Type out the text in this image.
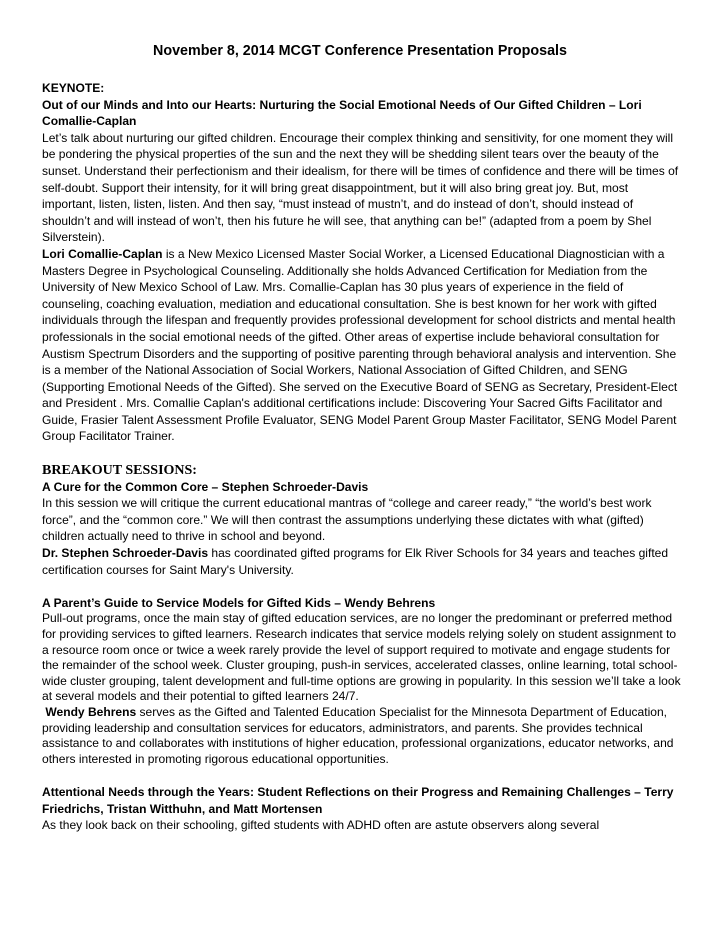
November 8, 2014 MCGT Conference Presentation Proposals

KEYNOTE:

Out of our Minds and Into our Hearts: Nurturing the Social Emotional Needs of Our Gifted Children – Lori Comallie-Caplan

Let’s talk about nurturing our gifted children. Encourage their complex thinking and sensitivity, for one moment they will be pondering the physical properties of the sun and the next they will be shedding silent tears over the beauty of the sunset. Understand their perfectionism and their idealism, for there will be times of confidence and there will be times of self-doubt. Support their intensity, for it will bring great disappointment, but it will also bring great joy. But, most important, listen, listen, listen. And then say, “must instead of mustn’t, and do instead of don’t, should instead of shouldn’t and will instead of won’t, then his future he will see, that anything can be!” (adapted from a poem by Shel Silverstein).

Lori Comallie-Caplan is a New Mexico Licensed Master Social Worker, a Licensed Educational Diagnostician with a Masters Degree in Psychological Counseling. Additionally she holds Advanced Certification for Mediation from the University of New Mexico School of Law. Mrs. Comallie-Caplan has 30 plus years of experience in the field of counseling, coaching evaluation, mediation and educational consultation. She is best known for her work with gifted individuals through the lifespan and frequently provides professional development for school districts and mental health professionals in the social emotional needs of the gifted. Other areas of expertise include behavioral consultation for Austism Spectrum Disorders and the supporting of positive parenting through behavioral analysis and intervention. She is a member of the National Association of Social Workers, National Association of Gifted Children, and SENG (Supporting Emotional Needs of the Gifted). She served on the Executive Board of SENG as Secretary, President-Elect and President . Mrs. Comallie Caplan's additional certifications include: Discovering Your Sacred Gifts Facilitator and Guide, Frasier Talent Assessment Profile Evaluator, SENG Model Parent Group Master Facilitator, SENG Model Parent Group Facilitator Trainer.

BREAKOUT SESSIONS:

A Cure for the Common Core – Stephen Schroeder-Davis

In this session we will critique the current educational mantras of “college and career ready,” “the world’s best work force”, and the “common core.” We will then contrast the assumptions underlying these dictates with what (gifted) children actually need to thrive in school and beyond.

Dr. Stephen Schroeder-Davis has coordinated gifted programs for Elk River Schools for 34 years and teaches gifted certification courses for Saint Mary's University.

A Parent’s Guide to Service Models for Gifted Kids – Wendy Behrens

Pull-out programs, once the main stay of gifted education services, are no longer the predominant or preferred method for providing services to gifted learners. Research indicates that service models relying solely on student assignment to a resource room once or twice a week rarely provide the level of support required to motivate and engage students for the remainder of the school week. Cluster grouping, push-in services, accelerated classes, online learning, total school-wide cluster grouping, talent development and full-time options are growing in popularity. In this session we’ll take a look at several models and their potential to gifted learners 24/7.

Wendy Behrens serves as the Gifted and Talented Education Specialist for the Minnesota Department of Education, providing leadership and consultation services for educators, administrators, and parents. She provides technical assistance to and collaborates with institutions of higher education, professional organizations, educator networks, and others interested in promoting rigorous educational opportunities.

Attentional Needs through the Years: Student Reflections on their Progress and Remaining Challenges – Terry Friedrichs, Tristan Witthuhn, and Matt Mortensen

As they look back on their schooling, gifted students with ADHD often are astute observers along several
